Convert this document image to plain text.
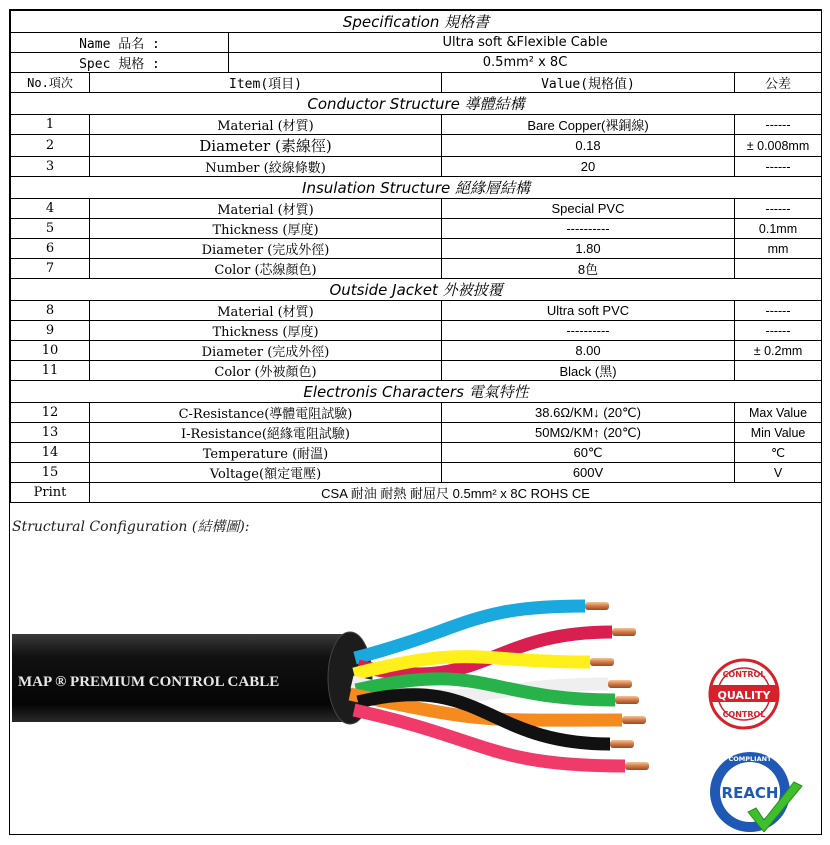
Specification 規格書				
Name 品名 :		Ultra soft &Flexible Cable		
Spec 規格 :		0.5mm² x 8C		
No.項次	Item(項目)		Value(規格值)	公差
Conductor Structure 導體結構				
1	Material (材質)		Bare Copper(裸銅線)	------
2	Diameter (素線徑)		0.18	± 0.008mm
3	Number (絞線條數)		20	------
Insulation Structure 絕緣層結構				
4	Material (材質)		Special PVC	------
5	Thickness (厚度)		----------	0.1mm
6	Diameter (完成外徑)		1.80	mm
7	Color (芯線顏色)		8色	
Outside Jacket 外被披覆				
8	Material (材質)		Ultra soft PVC	------
9	Thickness (厚度)		----------	------
10	Diameter (完成外徑)		8.00	± 0.2mm
11	Color (外被顏色)		Black (黑)	
Electronis Characters 電氣特性				
12	C-Resistance(導體電阻試驗)		38.6Ω/KM↓ (20℃)	Max Value
13	I-Resistance(絕緣電阻試驗)		50MΩ/KM↑ (20℃)	Min Value
14	Temperature (耐溫)		60℃	℃
15	Voltage(額定電壓)		600V	V
Print	CSA 耐油 耐熱 耐屈尺 0.5mm² x 8C ROHS CE			
Structural Configuration (結構圖):
MAP ® PREMIUM CONTROL CABLE	CONTROL
QUALITY
CONTROL
COMPLIANT · COMPLIANT · COMPLIANT
REACH
